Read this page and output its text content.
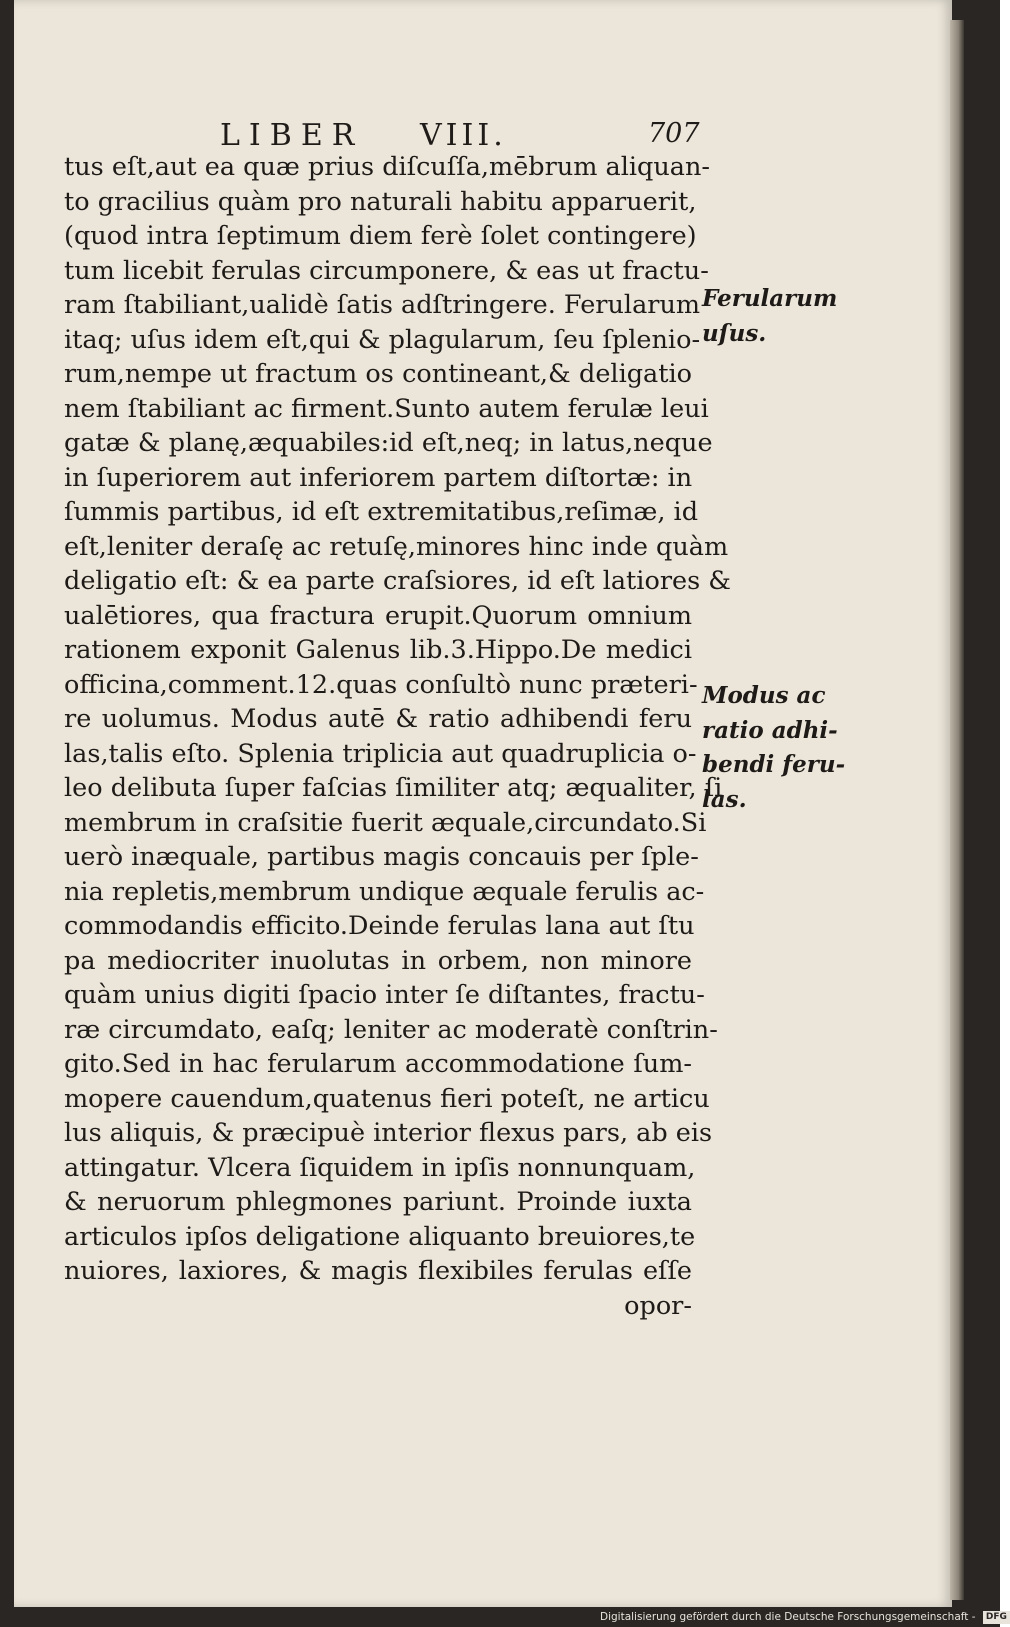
LIBER VIII.	707
tus eſt,aut ea quæ prius diſcuſſa,mēbrum aliquan-
to gracilius quàm pro naturali habitu apparuerit,
(quod intra ſeptimum diem ferè ſolet contingere)
tum licebit ferulas circumponere, & eas ut fractu-
ram ſtabiliant,ualidè ſatis adſtringere. Ferularum
itaq; uſus idem eſt,qui & plagularum, ſeu ſplenio-
rum,nempe ut fractum os contineant,& deligatio
nem ſtabiliant ac firment.Sunto autem ferulæ leui
gatæ & planę,æquabiles:id eſt,neq; in latus,neque
in ſuperiorem aut inferiorem partem diſtortæ: in
ſummis partibus, id eſt extremitatibus,reſimæ, id
eſt,leniter deraſę ac retuſę,minores hinc inde quàm
deligatio eſt: & ea parte craſsiores, id eſt latiores &
ualētiores, qua fractura erupit.Quorum omnium
rationem exponit Galenus lib.3.Hippo.De medici
officina,comment.12.quas conſultò nunc præteri-
re uolumus. Modus autē & ratio adhibendi feru
las,talis eſto. Splenia triplicia aut quadruplicia o-
leo delibuta ſuper faſcias ſimiliter atq; æqualiter, ſi
membrum in craſsitie fuerit æquale,circundato.Si
uerò inæquale, partibus magis concauis per ſple-
nia repletis,membrum undique æquale ferulis ac-
commodandis efficito.Deinde ferulas lana aut ſtu
pa mediocriter inuolutas in orbem, non minore
quàm unius digiti ſpacio inter ſe diſtantes, fractu-
ræ circumdato, eaſq; leniter ac moderatè conſtrin-
gito.Sed in hac ferularum accommodatione ſum-
mopere cauendum,quatenus fieri poteſt, ne articu
lus aliquis, & præcipuè interior flexus pars, ab eis
attingatur. Vlcera ſiquidem in ipſis nonnunquam,
& neruorum phlegmones pariunt. Proinde iuxta
articulos ipſos deligatione aliquanto breuiores,te
nuiores, laxiores, & magis flexibiles ferulas eſſe
opor-
Ferularum
uſus.
Modus ac
ratio adhi-
bendi feru-
las.
Digitalisierung gefördert durch die Deutsche Forschungsgemeinschaft - DFG
